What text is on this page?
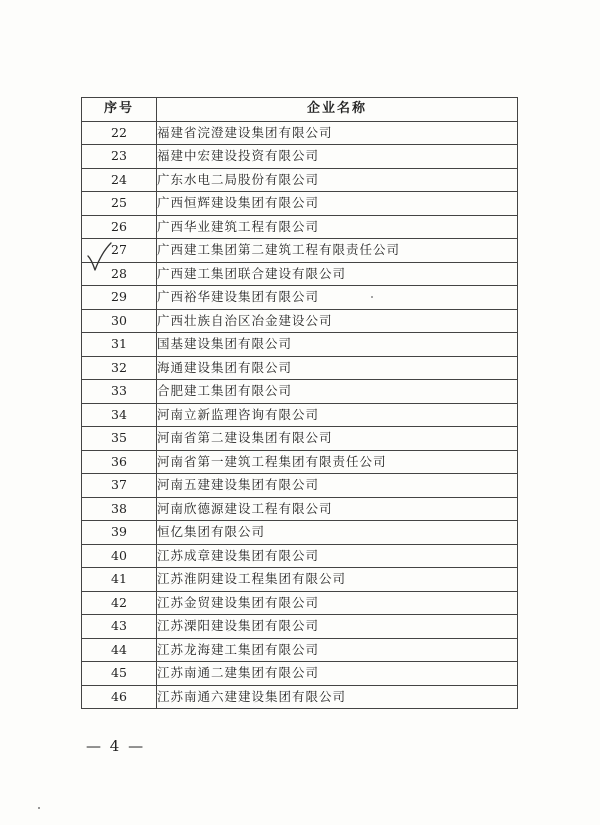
序号	企业名称
22	福建省浣澄建设集团有限公司
23	福建中宏建设投资有限公司
24	广东水电二局股份有限公司
25	广西恒辉建设集团有限公司
26	广西华业建筑工程有限公司
27	广西建工集团第二建筑工程有限责任公司
28	广西建工集团联合建设有限公司
29	广西裕华建设集团有限公司
30	广西壮族自治区冶金建设公司
31	国基建设集团有限公司
32	海通建设集团有限公司
33	合肥建工集团有限公司
34	河南立新监理咨询有限公司
35	河南省第二建设集团有限公司
36	河南省第一建筑工程集团有限责任公司
37	河南五建建设集团有限公司
38	河南欣德源建设工程有限公司
39	恒亿集团有限公司
40	江苏成章建设集团有限公司
41	江苏淮阴建设工程集团有限公司
42	江苏金贸建设集团有限公司
43	江苏溧阳建设集团有限公司
44	江苏龙海建工集团有限公司
45	江苏南通二建集团有限公司
46	江苏南通六建建设集团有限公司
— 4 —
